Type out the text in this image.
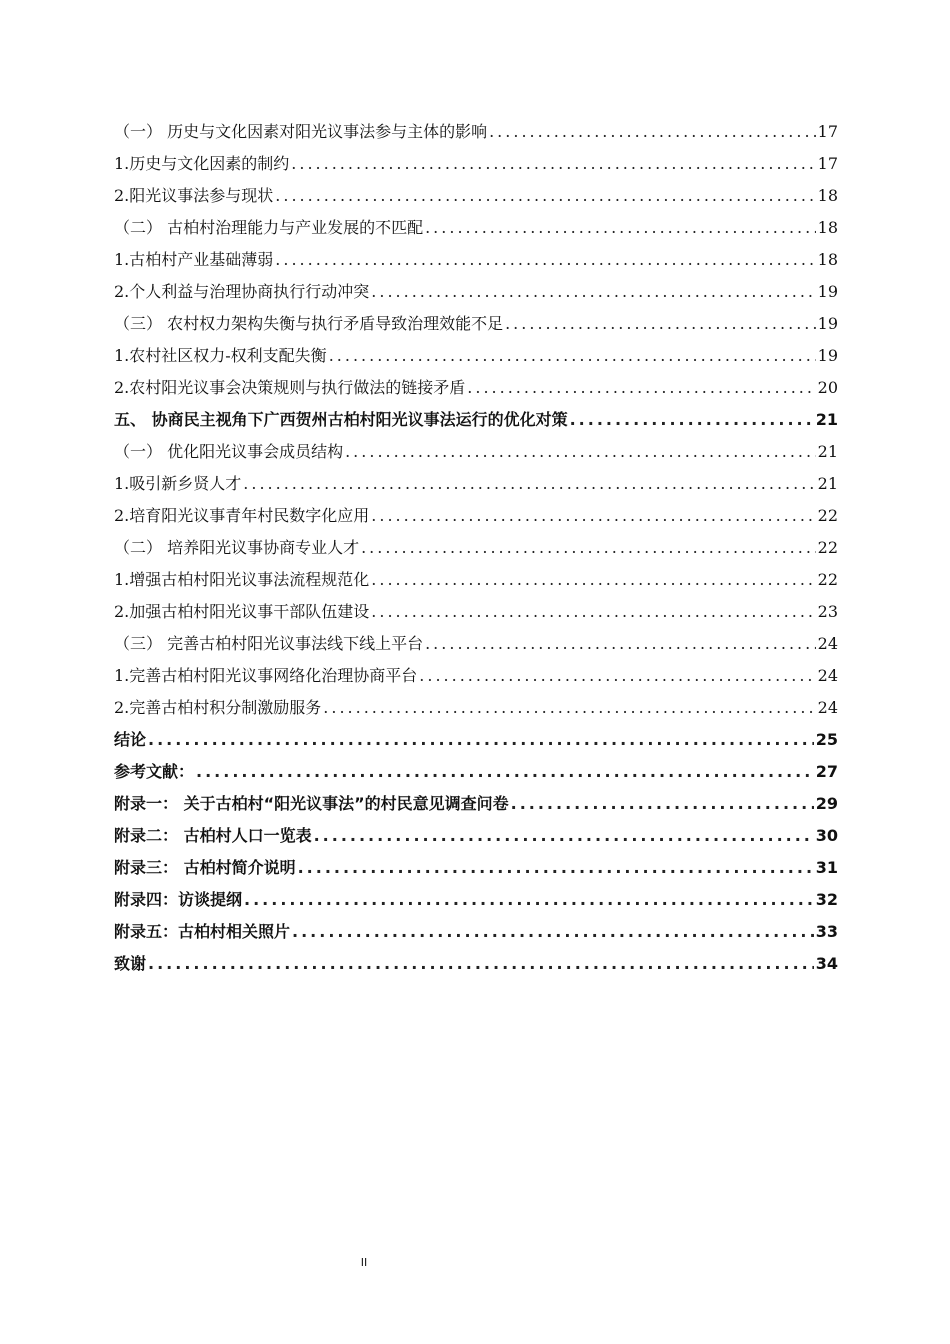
（一） 历史与文化因素对阳光议事法参与主体的影响 .....	17
1.历史与文化因素的制约 .....	17
2.阳光议事法参与现状 .....	18
（二） 古柏村治理能力与产业发展的不匹配 .....	18
1.古柏村产业基础薄弱 .....	18
2.个人利益与治理协商执行行动冲突 .....	19
（三） 农村权力架构失衡与执行矛盾导致治理效能不足 .....	19
1.农村社区权力-权利支配失衡 .....	19
2.农村阳光议事会决策规则与执行做法的链接矛盾 .....	20
五、 协商民主视角下广西贺州古柏村阳光议事法运行的优化对策 .....	21
（一） 优化阳光议事会成员结构 .....	21
1.吸引新乡贤人才 .....	21
2.培育阳光议事青年村民数字化应用 .....	22
（二） 培养阳光议事协商专业人才 .....	22
1.增强古柏村阳光议事法流程规范化 .....	22
2.加强古柏村阳光议事干部队伍建设 .....	23
（三） 完善古柏村阳光议事法线下线上平台 .....	24
1.完善古柏村阳光议事网络化治理协商平台 .....	24
2.完善古柏村积分制激励服务 .....	24
结论 .....	25
参考文献： .....	27
附录一： 关于古柏村“阳光议事法”的村民意见调查问卷 .....	29
附录二： 古柏村人口一览表 .....	30
附录三： 古柏村简介说明 .....	31
附录四：访谈提纲 .....	32
附录五：古柏村相关照片 .....	33
致谢 .....	34
II
